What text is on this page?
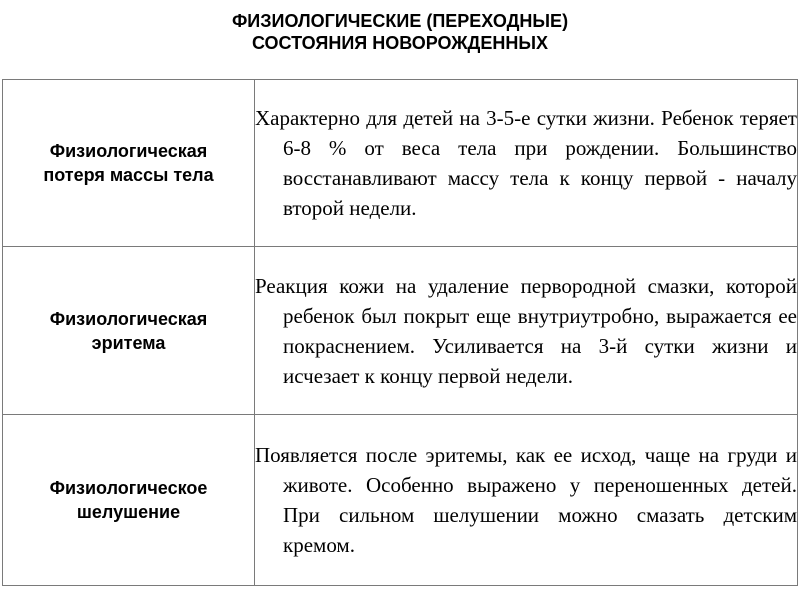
ФИЗИОЛОГИЧЕСКИЕ (ПЕРЕХОДНЫЕ)
СОСТОЯНИЯ НОВОРОЖДЕННЫХ
Физиологическая
потеря массы тела	Характерно для детей на 3-5-е сутки жизни. Ребенок теряет 6-8 % от веса тела при рождении. Большинство восстанавливают массу тела к концу первой - началу второй недели.

Физиологическая
эритема	Реакция кожи на удаление первородной смазки, которой ребенок был покрыт еще внутриутробно, выражается ее покраснением. Усиливается на 3-й сутки жизни и исчезает к концу первой недели.

Физиологическое
шелушение	Появляется после эритемы, как ее исход, чаще на груди и животе. Особенно выражено у переношенных детей. При сильном шелушении можно смазать детским кремом.
